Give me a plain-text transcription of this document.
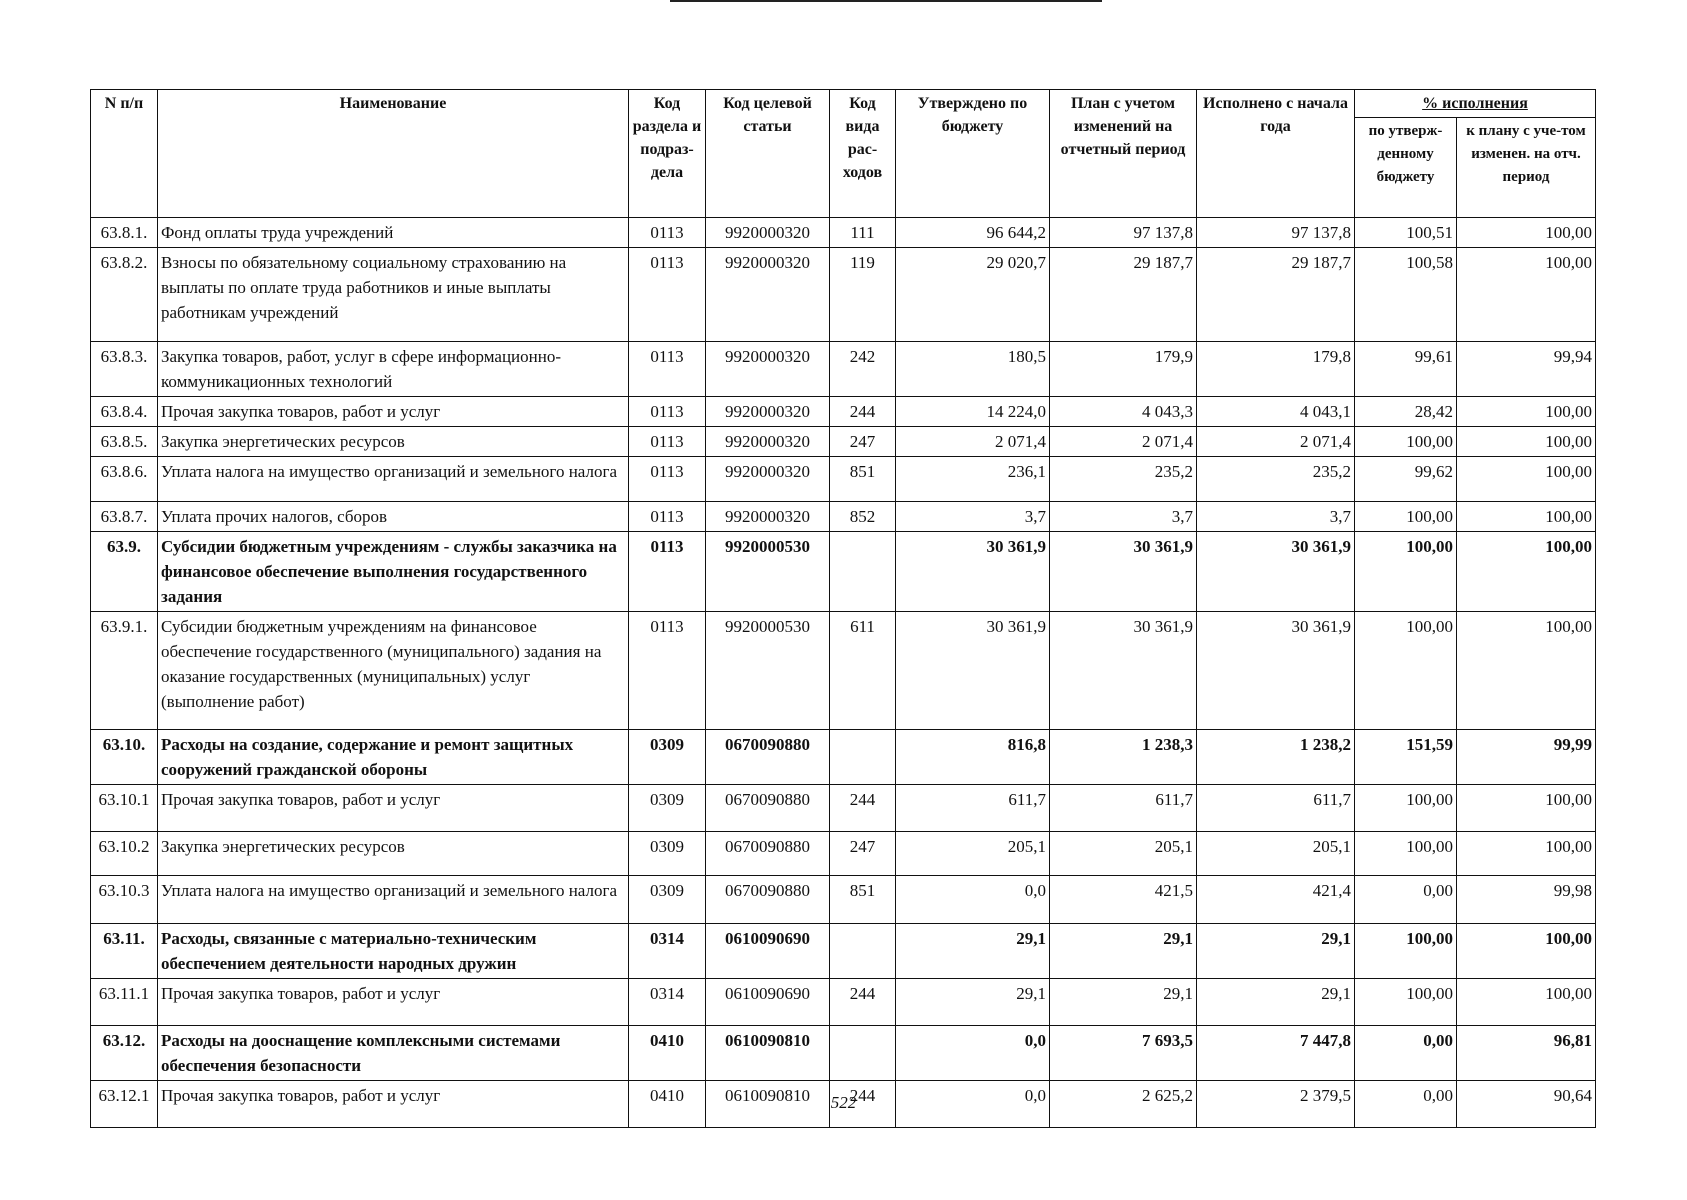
N п/п	Наименование	Код раздела и подраз-дела	Код целевой статьи	Код вида рас-ходов	Утверждено по бюджету	План с учетом изменений на отчетный период	Исполнено с начала года	% исполнения	
								по утверж-денному бюджету	к плану с уче-том изменен. на отч. период
63.8.1.	Фонд оплаты труда учреждений	0113	9920000320	111	96 644,2	97 137,8	97 137,8	100,51	100,00
63.8.2.	Взносы по обязательному социальному страхованию на выплаты по оплате труда работников и иные выплаты работникам учреждений	0113	9920000320	119	29 020,7	29 187,7	29 187,7	100,58	100,00
63.8.3.	Закупка товаров, работ, услуг в сфере информационно-коммуникационных технологий	0113	9920000320	242	180,5	179,9	179,8	99,61	99,94
63.8.4.	Прочая закупка товаров, работ и услуг	0113	9920000320	244	14 224,0	4 043,3	4 043,1	28,42	100,00
63.8.5.	Закупка энергетических ресурсов	0113	9920000320	247	2 071,4	2 071,4	2 071,4	100,00	100,00
63.8.6.	Уплата налога на имущество организаций и земельного налога	0113	9920000320	851	236,1	235,2	235,2	99,62	100,00
63.8.7.	Уплата прочих налогов, сборов	0113	9920000320	852	3,7	3,7	3,7	100,00	100,00
63.9.	Субсидии бюджетным учреждениям - службы заказчика на финансовое обеспечение выполнения государственного задания	0113	9920000530		30 361,9	30 361,9	30 361,9	100,00	100,00
63.9.1.	Субсидии бюджетным учреждениям на финансовое обеспечение государственного (муниципального) задания на оказание государственных (муниципальных) услуг (выполнение работ)	0113	9920000530	611	30 361,9	30 361,9	30 361,9	100,00	100,00
63.10.	Расходы на создание, содержание и ремонт защитных сооружений гражданской обороны	0309	0670090880		816,8	1 238,3	1 238,2	151,59	99,99
63.10.1	Прочая закупка товаров, работ и услуг	0309	0670090880	244	611,7	611,7	611,7	100,00	100,00
63.10.2	Закупка энергетических ресурсов	0309	0670090880	247	205,1	205,1	205,1	100,00	100,00
63.10.3	Уплата налога на имущество организаций и земельного налога	0309	0670090880	851	0,0	421,5	421,4	0,00	99,98
63.11.	Расходы, связанные с материально-техническим обеспечением деятельности народных дружин	0314	0610090690		29,1	29,1	29,1	100,00	100,00
63.11.1	Прочая закупка товаров, работ и услуг	0314	0610090690	244	29,1	29,1	29,1	100,00	100,00
63.12.	Расходы на дооснащение комплексными системами обеспечения безопасности	0410	0610090810		0,0	7 693,5	7 447,8	0,00	96,81
63.12.1	Прочая закупка товаров, работ и услуг	0410	0610090810	244	0,0	2 625,2	2 379,5	0,00	90,64
522
